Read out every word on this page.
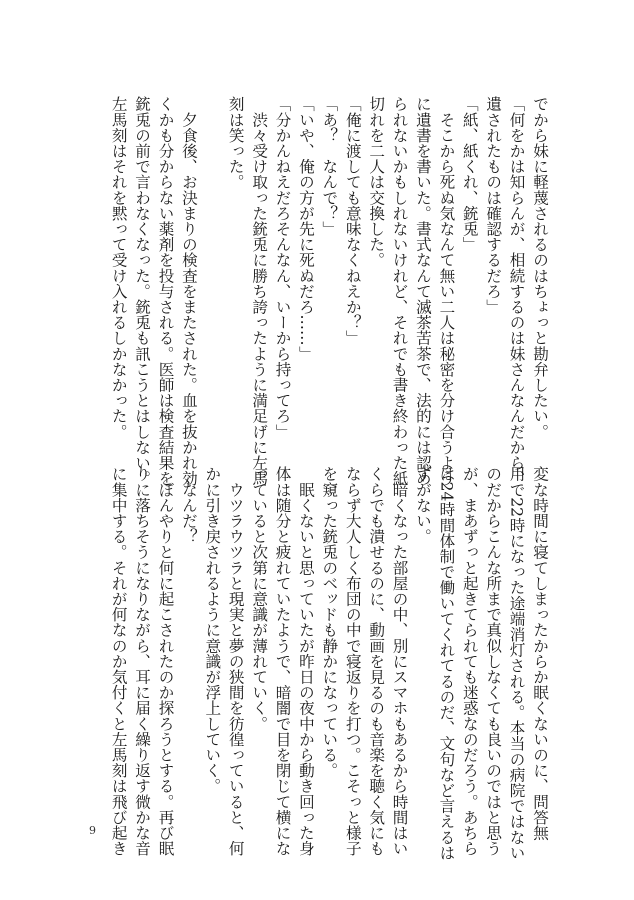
でから妹に軽蔑されるのはちょっと勘弁したい。

「何をかは知らんが、相続するのは妹さんなんだから、

遺されたものは確認するだろ」

「紙、紙くれ、銃兎」

　そこから死ぬ気なんて無い二人は秘密を分け合うよう

に遺書を書いた。書式なんて滅茶苦茶で、法的には認め

られないかもしれないけれど、それでも書き終わった紙

切れを二人は交換した。

「俺に渡しても意味なくねえか？」

「あ？　なんで？」

「いや、俺の方が先に死ぬだろ……」

「分かんねえだろそんなん、いーから持ってろ」

　渋々受け取った銃兎に勝ち誇ったように満足げに左馬

刻は笑った。

　夕食後、お決まりの検査をまたされた。血を抜かれ効

くかも分からない薬剤を投与される。医師は検査結果を

銃兎の前で言わなくなった。銃兎も訊こうとはしない。

左馬刻はそれを黙って受け入れるしかなかった。

変な時間に寝てしまったからか眠くないのに、問答無

用で22時になった途端消灯される。本当の病院ではない

のだからこんな所まで真似しなくても良いのではと思う

が、まあずっと起きてられても迷惑なのだろう。あちら

は24時間体制で働いてくれてるのだ、文句など言えるは

ずがない。

　暗くなった部屋の中、別にスマホもあるから時間はい

くらでも潰せるのに、動画を見るのも音楽を聴く気にも

ならず大人しく布団の中で寝返りを打つ。こそっと様子

を窺った銃兎のベッドも静かになっている。

　眠くないと思っていたが昨日の夜中から動き回った身

体は随分と疲れていたようで、暗闇で目を閉じて横にな

っていると次第に意識が薄れていく。

　ウツラウツラと現実と夢の狭間を彷徨っていると、何

かに引き戻されるように意識が浮上していく。

　なんだ？

　ぼんやりと何に起こされたのか探ろうとする。再び眠

りに落ちそうになりながら、耳に届く繰り返す微かな音

に集中する。それが何なのか気付くと左馬刻は飛び起き

9
